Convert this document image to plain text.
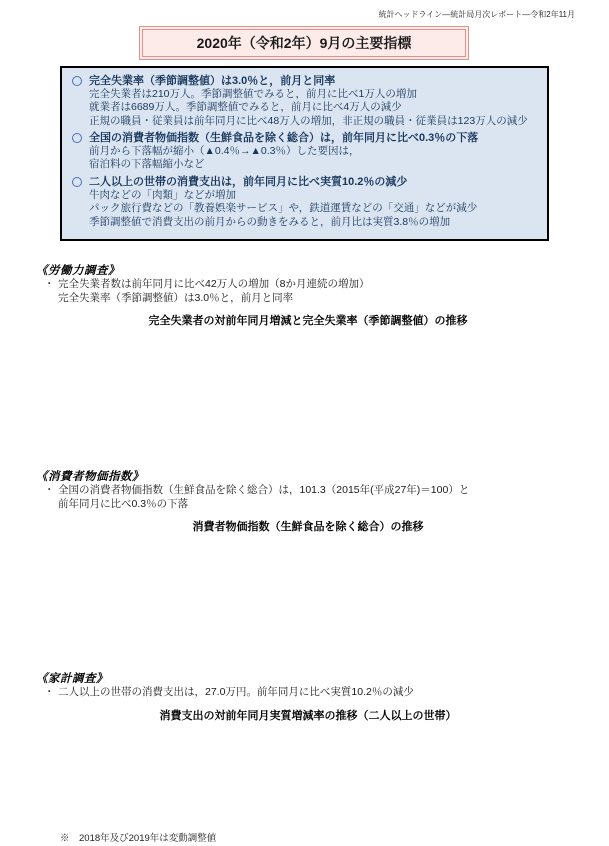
統計ヘッドライン―統計局月次レポート―令和2年11月
2020年（令和2年）9月の主要指標
完全失業率（季節調整値）は3.0％と，前月と同率
完全失業者は210万人。季節調整値でみると，前月に比べ1万人の増加
就業者は6689万人。季節調整値でみると，前月に比べ4万人の減少
正規の職員・従業員は前年同月に比べ48万人の増加，非正規の職員・従業員は123万人の減少
全国の消費者物価指数（生鮮食品を除く総合）は，前年同月に比べ0.3％の下落
前月から下落幅が縮小（▲0.4％→▲0.3％）した要因は，
宿泊料の下落幅縮小など
二人以上の世帯の消費支出は，前年同月に比べ実質10.2％の減少
牛肉などの「肉類」などが増加
パック旅行費などの「教養娯楽サービス」や，鉄道運賃などの「交通」などが減少
季節調整値で消費支出の前月からの動きをみると，前月比は実質3.8％の増加
《労働力調査》
・ 完全失業者数は前年同月に比べ42万人の増加（8か月連続の増加）
完全失業率（季節調整値）は3.0％と，前月と同率
完全失業者の対前年同月増減と完全失業率（季節調整値）の推移
《消費者物価指数》
・ 全国の消費者物価指数（生鮮食品を除く総合）は，101.3（2015年(平成27年)＝100）と
前年同月に比べ0.3％の下落
消費者物価指数（生鮮食品を除く総合）の推移
《家計調査》
・ 二人以上の世帯の消費支出は，27.0万円。前年同月に比べ実質10.2％の減少
消費支出の対前年同月実質増減率の推移（二人以上の世帯）
※　2018年及び2019年は変動調整値
